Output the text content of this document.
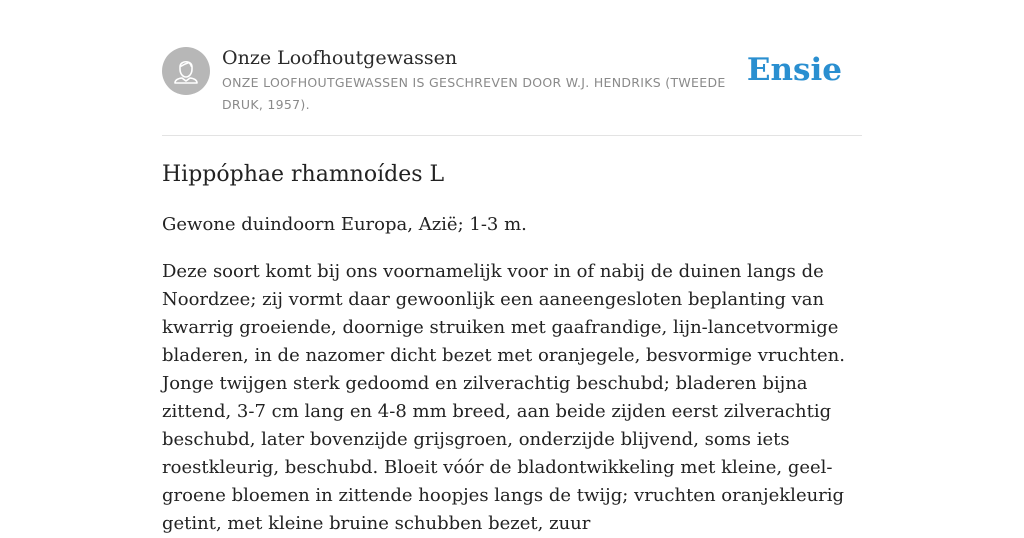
Onze Loofhoutgewassen
ONZE LOOFHOUTGEWASSEN IS GESCHREVEN DOOR W.J. HENDRIKS (TWEEDE DRUK, 1957).
Ensie
Hippóphae rhamnoídes L

Gewone duindoorn Europa, Azië; 1-3 m.

Deze soort komt bij ons voornamelijk voor in of nabij de duinen langs de Noordzee; zij vormt daar gewoonlijk een aaneengesloten beplanting van kwarrig groeiende, doornige struiken met gaafrandige, lijn-lancetvormige bladeren, in de nazomer dicht bezet met oranjegele, besvormige vruchten. Jonge twijgen sterk gedoomd en zilverachtig beschubd; bladeren bijna zittend, 3-7 cm lang en 4-8 mm breed, aan beide zijden eerst zilverachtig beschubd, later bovenzijde grijsgroen, onderzijde blijvend, soms iets roestkleurig, beschubd. Bloeit vóór de bladontwikkeling met kleine, geel-groene bloemen in zittende hoopjes langs de twijg; vruchten oranjekleurig getint, met kleine bruine schubben bezet, zuur
